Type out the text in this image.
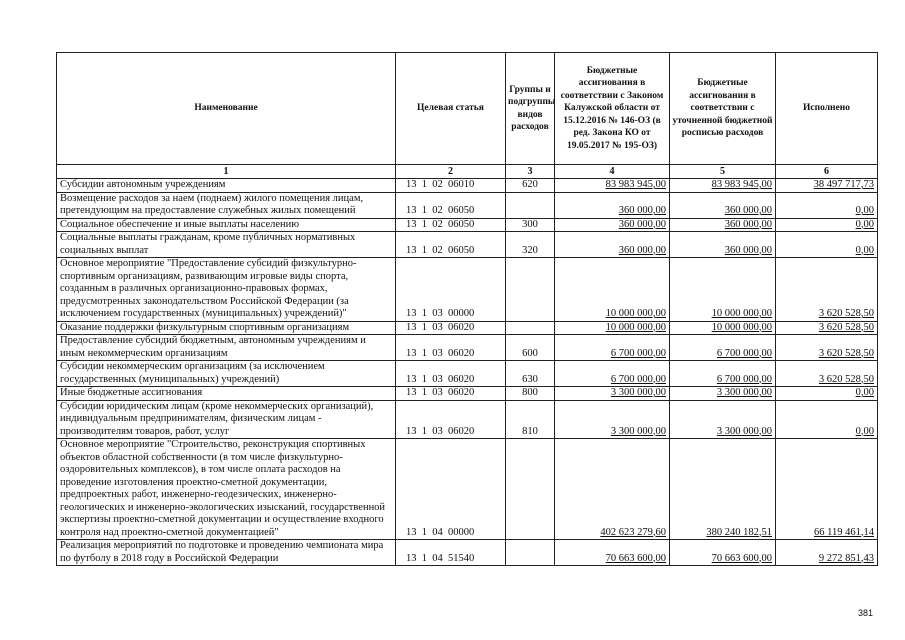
Наименование	Целевая статья	Группы и подгруппы видов расходов	Бюджетные ассигнования в соответствии с Законом Калужской области от 15.12.2016 № 146-ОЗ (в ред. Закона КО от 19.05.2017 № 195-ОЗ)	Бюджетные ассигнования в соответствии с уточненной бюджетной росписью расходов	Исполнено
1	2	3	4	5	6
Субсидии автономным учреждениям	13  1  02  06010	620	83 983 945,00	83 983 945,00	38 497 717,73
Возмещение расходов за наем (поднаем) жилого помещения лицам, претендующим на предоставление служебных жилых помещений	13  1  02  06050		360 000,00	360 000,00	0,00
Социальное обеспечение и иные выплаты населению	13  1  02  06050	300	360 000,00	360 000,00	0,00
Социальные выплаты гражданам, кроме публичных нормативных социальных выплат	13  1  02  06050	320	360 000,00	360 000,00	0,00
Основное мероприятие "Предоставление субсидий физкультурно-спортивным организациям, развивающим игровые виды спорта, созданным в различных организационно-правовых формах, предусмотренных законодательством Российской Федерации (за исключением государственных (муниципальных) учреждений)"	13  1  03  00000		10 000 000,00	10 000 000,00	3 620 528,50
Оказание поддержки физкультурным спортивным организациям	13  1  03  06020		10 000 000,00	10 000 000,00	3 620 528,50
Предоставление субсидий бюджетным, автономным учреждениям и иным некоммерческим организациям	13  1  03  06020	600	6 700 000,00	6 700 000,00	3 620 528,50
Субсидии некоммерческим организациям (за исключением государственных (муниципальных) учреждений)	13  1  03  06020	630	6 700 000,00	6 700 000,00	3 620 528,50
Иные бюджетные ассигнования	13  1  03  06020	800	3 300 000,00	3 300 000,00	0,00
Субсидии юридическим лицам (кроме некоммерческих организаций), индивидуальным предпринимателям, физическим лицам - производителям товаров, работ, услуг	13  1  03  06020	810	3 300 000,00	3 300 000,00	0,00
Основное мероприятие "Строительство, реконструкция спортивных объектов областной собственности (в том числе физкультурно-оздоровительных комплексов), в том числе оплата расходов на проведение изготовления проектно-сметной документации, предпроектных работ, инженерно-геодезических, инженерно-геологических и инженерно-экологических изысканий, государственной экспертизы проектно-сметной документации и осуществление входного контроля над проектно-сметной документацией"	13  1  04  00000		402 623 279,60	380 240 182,51	66 119 461,14
Реализация мероприятий по подготовке и проведению чемпионата мира по футболу в 2018 году в Российской Федерации	13  1  04  51540		70 663 600,00	70 663 600,00	9 272 851,43
381
